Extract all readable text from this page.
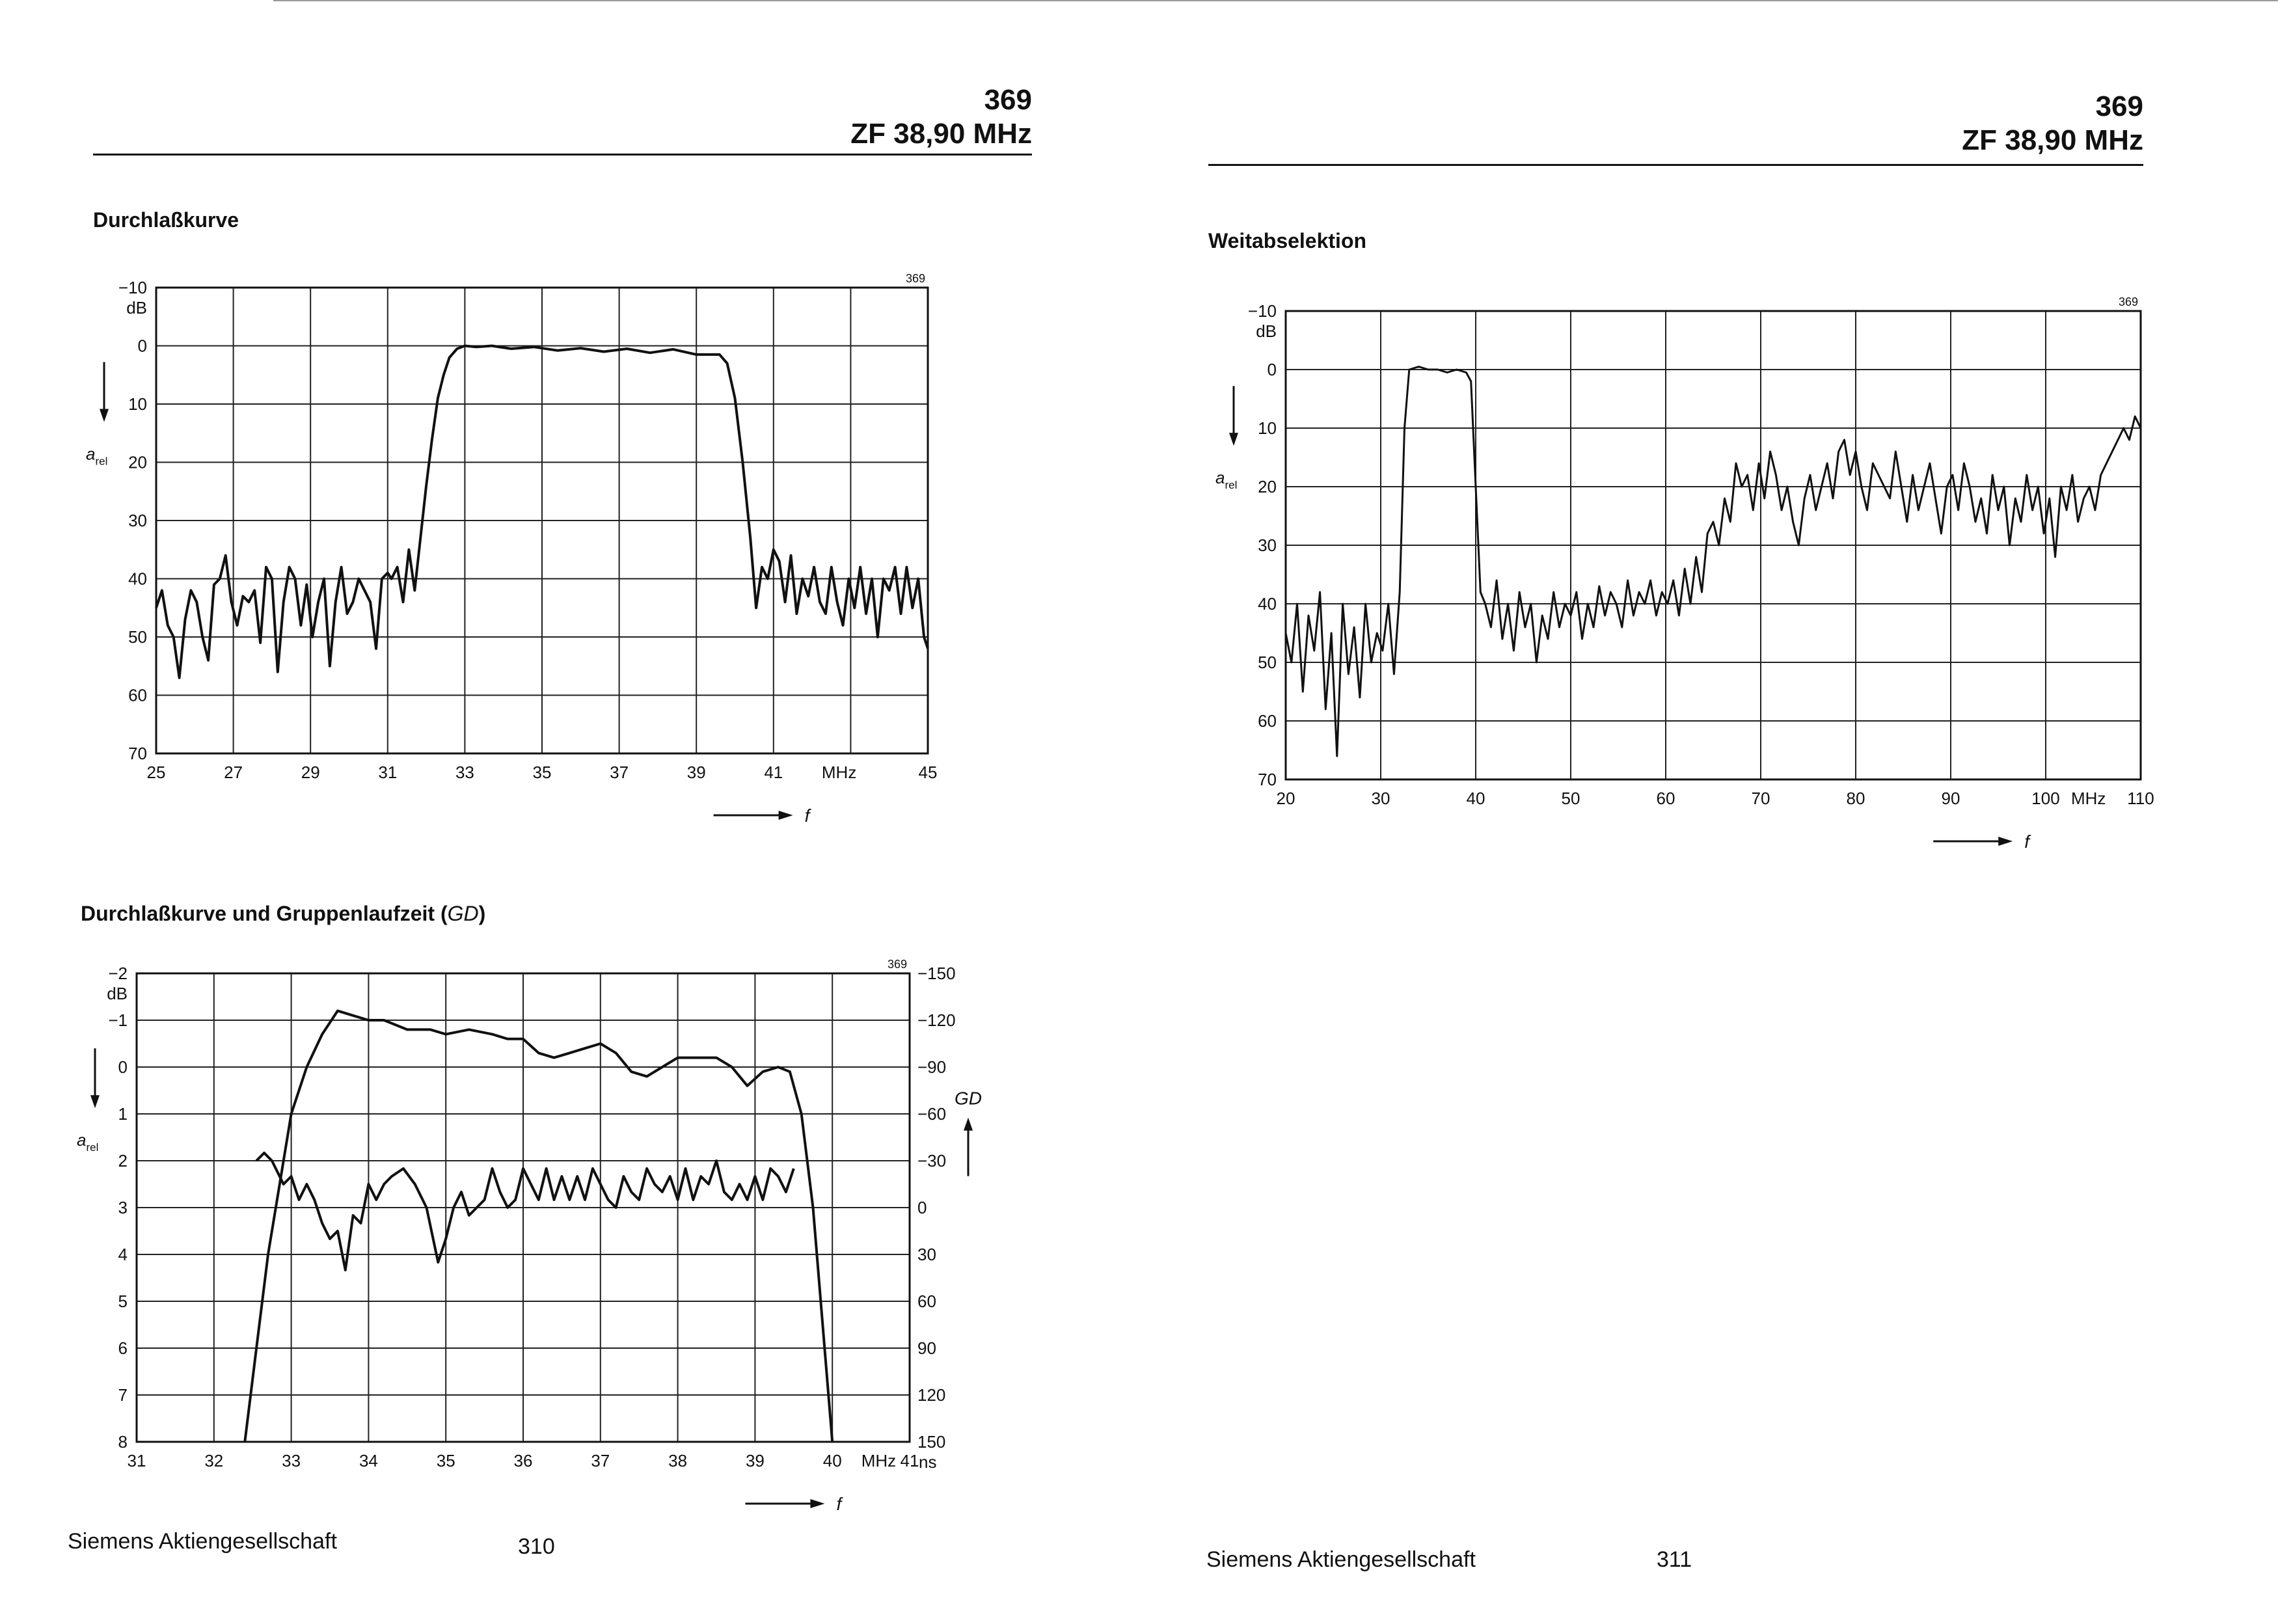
369
ZF 38,90 MHz
Durchlaßkurve
25	27	29	31	33	35	37	39	41	45
MHz
−10
0
10
20
30
40
50
60
70
dB
$a_{rel}$
f
369
Durchlaßkurve und Gruppenlaufzeit (GD)
31	32	33	34	35	36	37	38	39	40	41
MHz
−2
−1
0
1
2
3
4
5
6
7
8
dB
$a_{rel}$
f
369
150
120
90
60
30
0
−30
−60
−90
−120
−150
ns
GD
Siemens Aktiengesellschaft	310
369
ZF 38,90 MHz
Weitabselektion
20	30	40	50	60	70	80	90	100	110
MHz
−10
0
10
20
30
40
50
60
70
dB
$a_{rel}$
f
369
Siemens Aktiengesellschaft	311
